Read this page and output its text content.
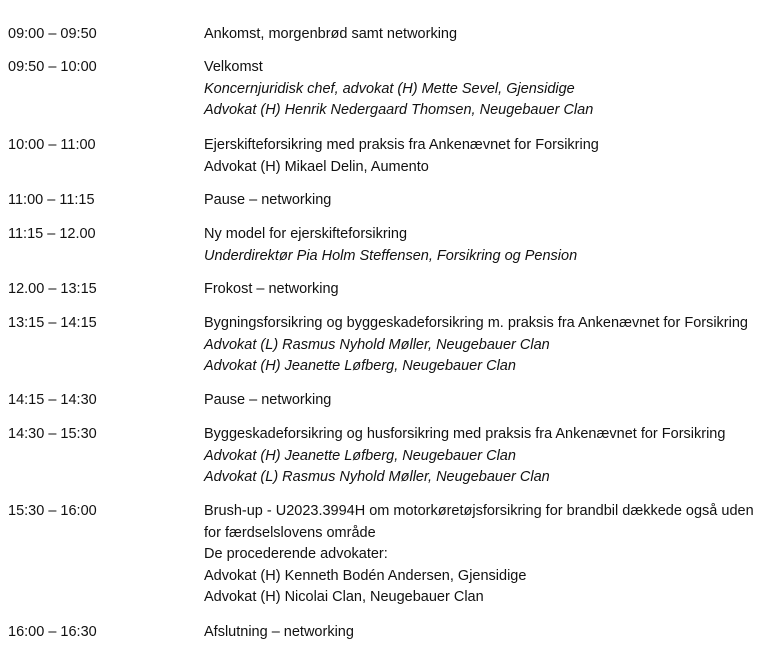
09:00 – 09:50	Ankomst, morgenbrød samt networking
09:50 – 10:00	Velkomst
Koncernjuridisk chef, advokat (H) Mette Sevel, Gjensidige
Advokat (H) Henrik Nedergaard Thomsen, Neugebauer Clan
10:00 – 11:00	Ejerskifteforsikring med praksis fra Ankenævnet for Forsikring
Advokat (H) Mikael Delin, Aumento
11:00 – 11:15	Pause – networking
11:15 – 12.00	Ny model for ejerskifteforsikring
Underdirektør Pia Holm Steffensen, Forsikring og Pension
12.00 – 13:15	Frokost – networking
13:15 – 14:15	Bygningsforsikring og byggeskadeforsikring m. praksis fra Ankenævnet for Forsikring
Advokat (L) Rasmus Nyhold Møller, Neugebauer Clan
Advokat (H) Jeanette Løfberg, Neugebauer Clan
14:15 – 14:30	Pause – networking
14:30 – 15:30	Byggeskadeforsikring og husforsikring med praksis fra Ankenævnet for Forsikring
Advokat (H) Jeanette Løfberg, Neugebauer Clan
Advokat (L) Rasmus Nyhold Møller, Neugebauer Clan
15:30 – 16:00	Brush-up - U2023.3994H om motorkøretøjsforsikring for brandbil dækkede også uden for færdselslovens område
De procederende advokater:
Advokat (H) Kenneth Bodén Andersen, Gjensidige
Advokat (H) Nicolai Clan, Neugebauer Clan
16:00 – 16:30	Afslutning – networking
